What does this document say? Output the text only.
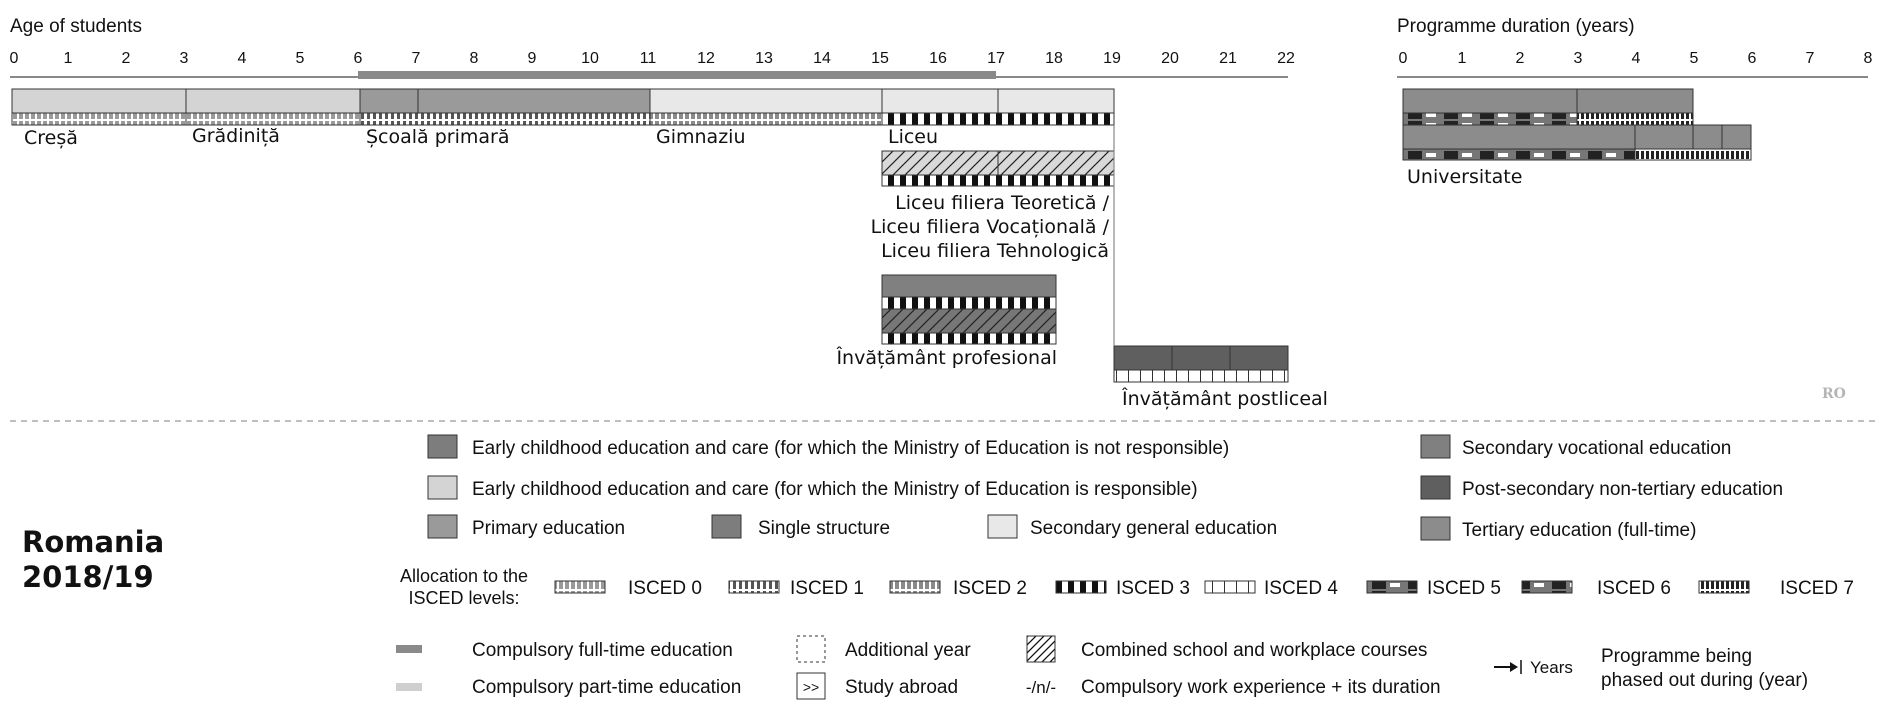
Age of students	Programme duration (years)
0	1	2	3	4	5	6	7	8	9	10	11	12	13	14	15	16	17	18	19	20	21	22	0	1	2	3	4	5	6	7	8
Creșă	Grădiniță	Școală primară	Gimnaziu	Liceu
Liceu filiera Teoretică /
Liceu filiera Vocațională /
Liceu filiera Tehnologică
Învățământ profesional
Învățământ postliceal
Universitate
RO
Romania
2018/19
Early childhood education and care (for which the Ministry of Education is not responsible)
Early childhood education and care (for which the Ministry of Education is responsible)
Primary education	Single structure	Secondary general education
Secondary vocational education
Post-secondary non-tertiary education
Tertiary education (full-time)
Allocation to the
ISCED levels:	ISCED 0	ISCED 1	ISCED 2	ISCED 3	ISCED 4	ISCED 5	ISCED 6	ISCED 7
Compulsory full-time education
Compulsory part-time education
Additional year
>> Study abroad
Combined school and workplace courses
-/n/- Compulsory work experience + its duration
Years
Programme being
phased out during (year)
